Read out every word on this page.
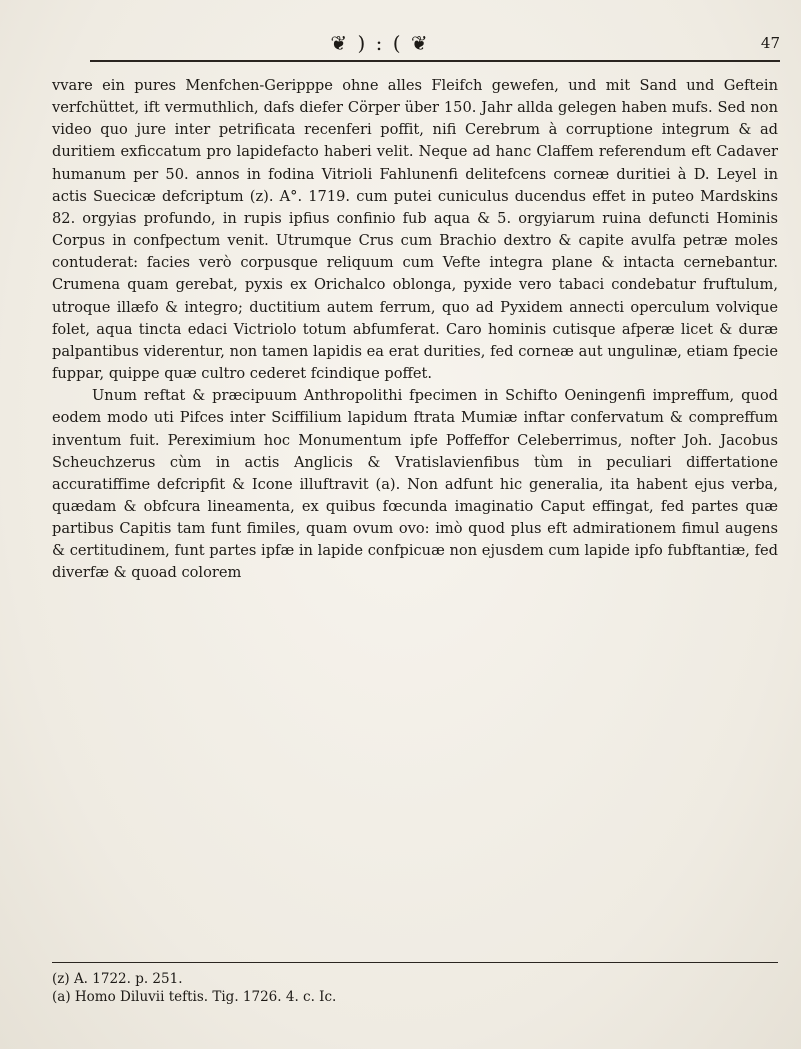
❦ ) : ( ❦	47

vvare ein pures Menfchen-Geripppe ohne alles Fleifch gewefen, und mit Sand und Geftein verfchüttet, ift vermuthlich, dafs diefer Cörper über 150. Jahr allda gelegen haben mufs. Sed non video quo jure inter petrificata recenferi poffit, nifi Cerebrum à corruptione integrum & ad duritiem exficcatum pro lapidefacto haberi velit. Neque ad hanc Claffem referendum eft Cadaver humanum per 50. annos in fodina Vitrioli Fahlunenfi delitefcens corneæ duritiei à D. Leyel in actis Suecicæ defcriptum (z). A°. 1719. cum putei cuniculus ducendus effet in puteo Mardskins 82. orgyias profundo, in rupis ipfius confinio fub aqua & 5. orgyiarum ruina defuncti Hominis Corpus in confpectum venit. Utrumque Crus cum Brachio dextro & capite avulfa petræ moles contuderat: facies verò corpusque reliquum cum Vefte integra plane & intacta cernebantur. Crumena quam gerebat, pyxis ex Orichalco oblonga, pyxide vero tabaci condebatur fruftulum, utroque illæfo & integro; ductitium autem ferrum, quo ad Pyxidem annecti operculum volvique folet, aqua tincta edaci Victriolo totum abfumferat. Caro hominis cutisque afperæ licet & duræ palpantibus viderentur, non tamen lapidis ea erat durities, fed corneæ aut ungulinæ, etiam fpecie fuppar, quippe quæ cultro cederet fcindique poffet.

Unum reftat & præcipuum Anthropolithi fpecimen in Schifto Oeningenfi impreffum, quod eodem modo uti Pifces inter Sciffilium lapidum ftrata Mumiæ inftar confervatum & compreffum inventum fuit. Pereximium hoc Monumentum ipfe Poffeffor Celeberrimus, nofter Joh. Jacobus Scheuchzerus cùm in actis Anglicis & Vratislavienfibus tùm in peculiari differtatione accuratiffime defcripfit & Icone illuftravit (a). Non adfunt hic generalia, ita habent ejus verba, quædam & obfcura lineamenta, ex quibus fœcunda imaginatio Caput effingat, fed partes quæ partibus Capitis tam funt fimiles, quam ovum ovo: imò quod plus eft admirationem fimul augens & certitudinem, funt partes ipfæ in lapide confpicuæ non ejusdem cum lapide ipfo fubftantiæ, fed diverfæ & quoad colorem

(z) A. 1722. p. 251.
(a) Homo Diluvii teftis. Tig. 1726. 4. c. Ic.
